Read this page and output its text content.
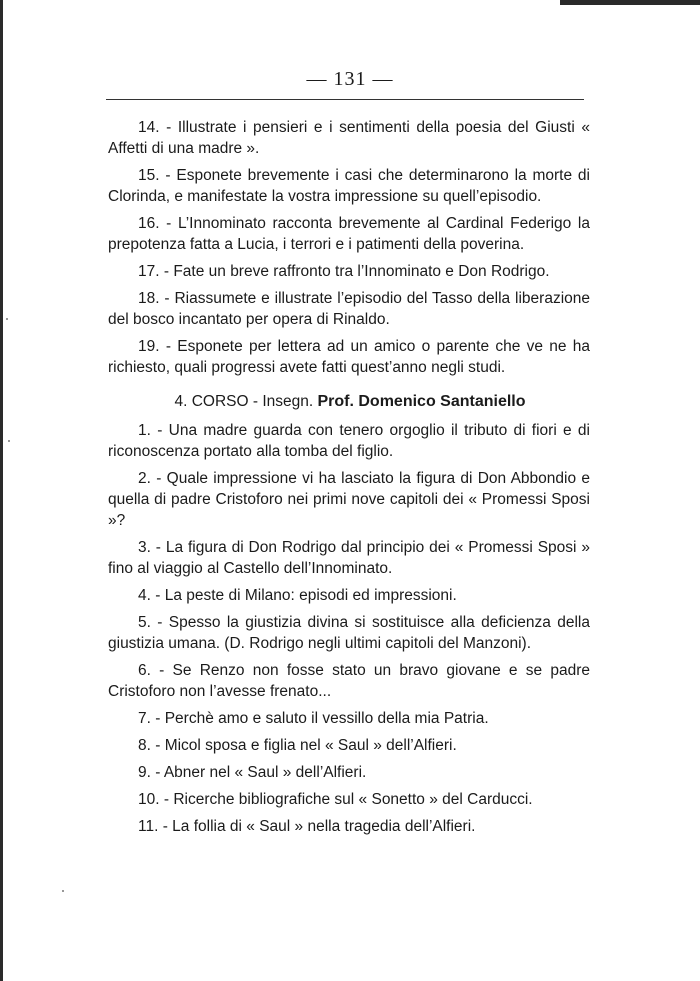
— 131 —

14. - Illustrate i pensieri e i sentimenti della poesia del Giusti « Affetti di una madre ».

15. - Esponete brevemente i casi che determinarono la morte di Clorinda, e manifestate la vostra impressione su quell’episodio.

16. - L’Innominato racconta brevemente al Cardinal Federigo la prepotenza fatta a Lucia, i terrori e i patimenti della poverina.

17. - Fate un breve raffronto tra l’Innominato e Don Rodrigo.

18. - Riassumete e illustrate l’episodio del Tasso della liberazione del bosco incantato per opera di Rinaldo.

19. - Esponete per lettera ad un amico o parente che ve ne ha richiesto, quali progressi avete fatti quest’anno negli studi.

4. CORSO - Insegn. Prof. Domenico Santaniello

1. - Una madre guarda con tenero orgoglio il tributo di fiori e di riconoscenza portato alla tomba del figlio.

2. - Quale impressione vi ha lasciato la figura di Don Abbondio e quella di padre Cristoforo nei primi nove capitoli dei « Promessi Sposi »?

3. - La figura di Don Rodrigo dal principio dei « Promessi Sposi » fino al viaggio al Castello dell’Innominato.

4. - La peste di Milano: episodi ed impressioni.

5. - Spesso la giustizia divina si sostituisce alla deficienza della giustizia umana. (D. Rodrigo negli ultimi capitoli del Manzoni).

6. - Se Renzo non fosse stato un bravo giovane e se padre Cristoforo non l’avesse frenato...

7. - Perchè amo e saluto il vessillo della mia Patria.

8. - Micol sposa e figlia nel « Saul » dell’Alfieri.

9. - Abner nel « Saul » dell’Alfieri.

10. - Ricerche bibliografiche sul « Sonetto » del Carducci.

11. - La follia di « Saul » nella tragedia dell’Alfieri.
